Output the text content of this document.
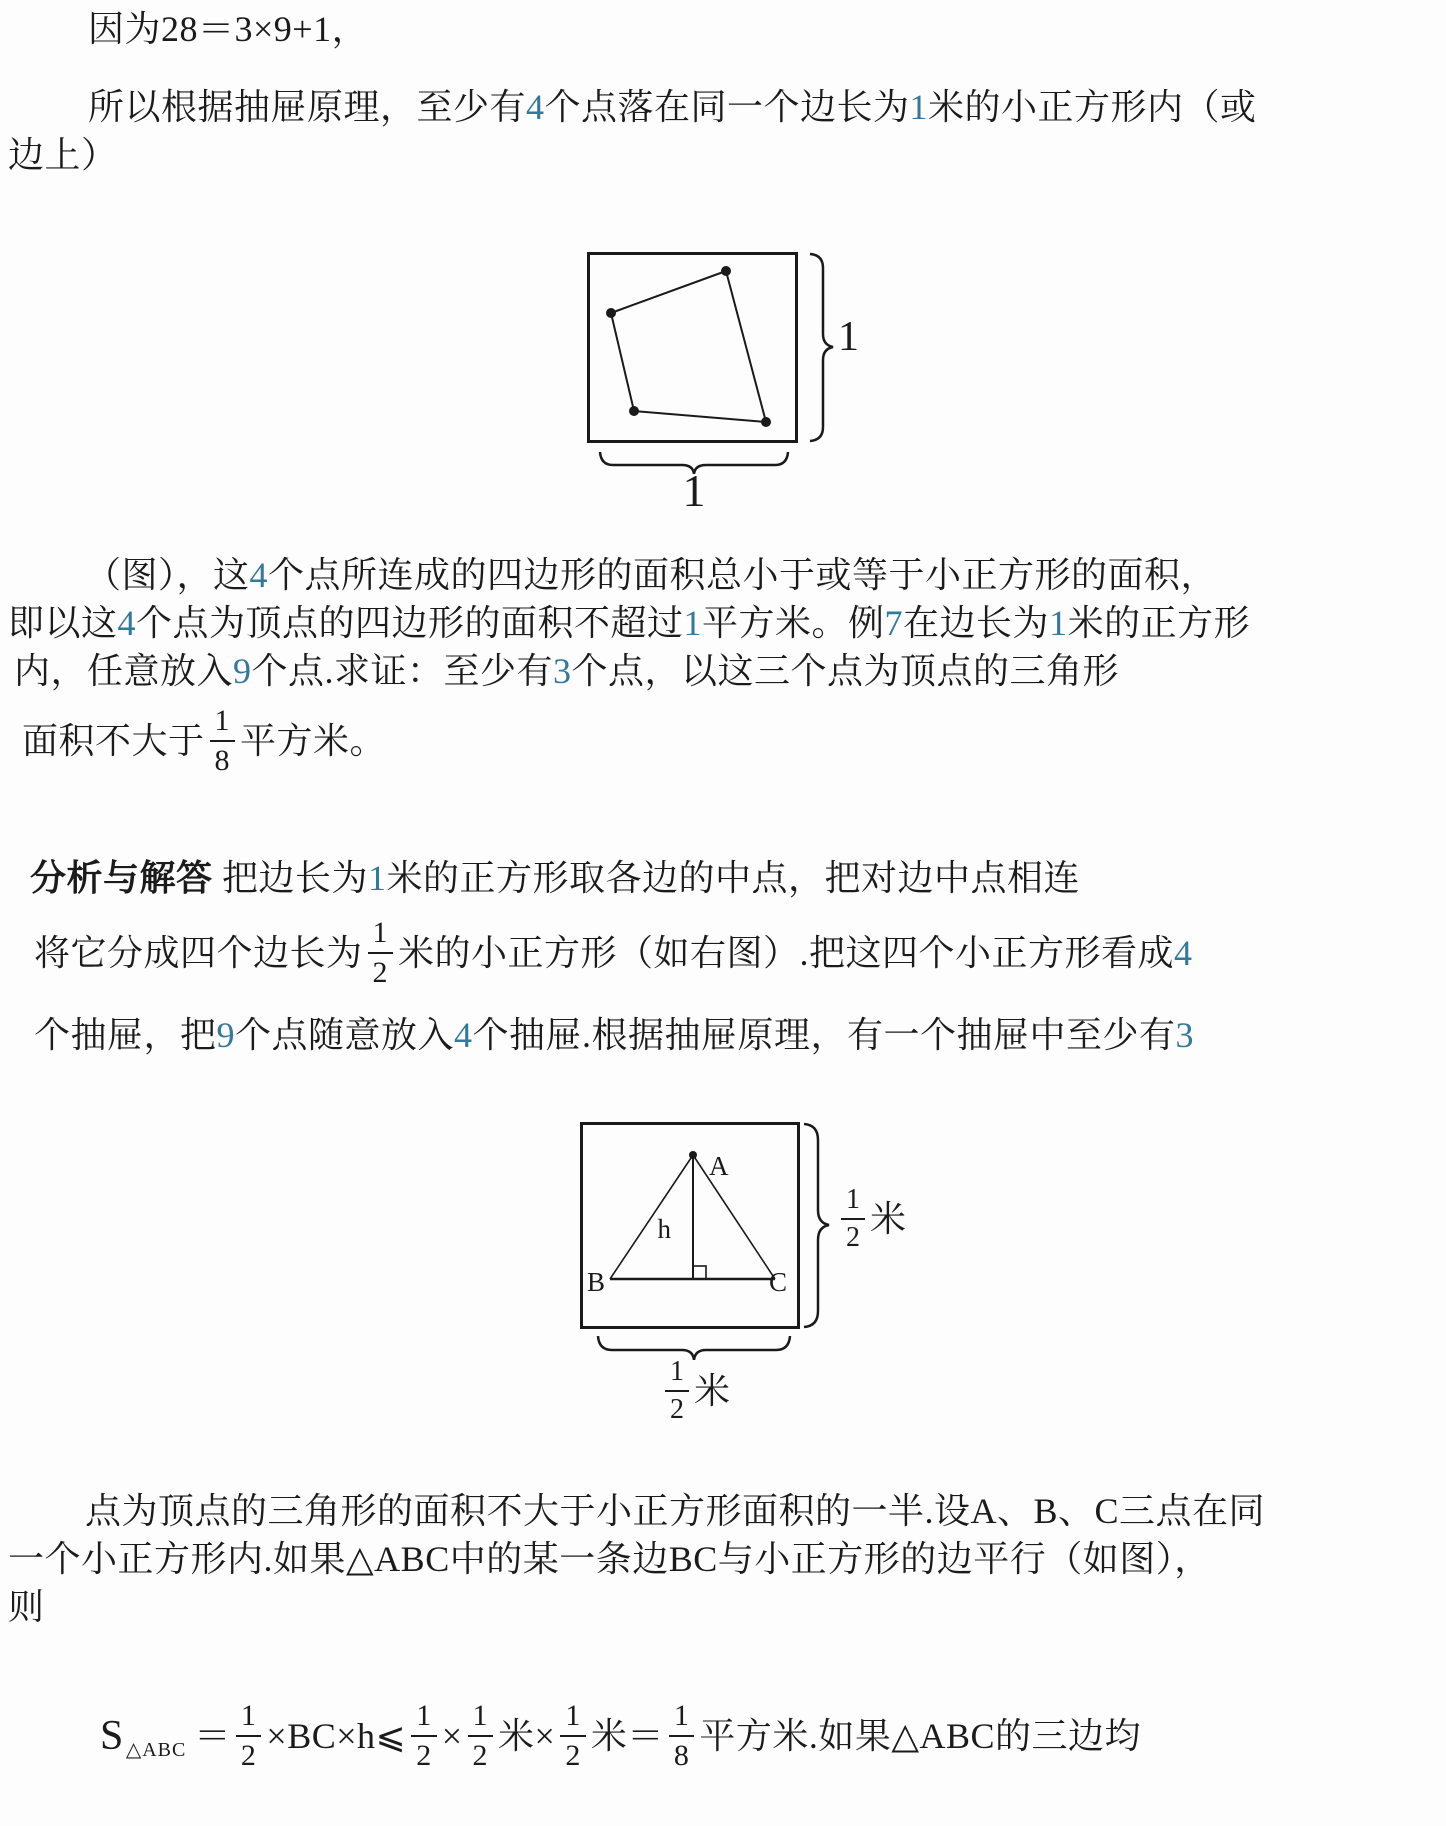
因为28＝3×9+1，
所以根据抽屉原理，至少有4个点落在同一个边长为1米的小正方形内（或
边上）
（图），这4个点所连成的四边形的面积总小于或等于小正方形的面积，
即以这4个点为顶点的四边形的面积不超过1平方米。例7在边长为1米的正方形
内，任意放入9个点.求证：至少有3个点，以这三个点为顶点的三角形
面积不大于 $\frac{1}{8}$ 平方米。
分析与解答 把边长为1米的正方形取各边的中点，把对边中点相连
将它分成四个边长为 $\frac{1}{2}$ 米的小正方形（如右图）.把这四个小正方形看成 4
个抽屉，把9个点随意放入4个抽屉.根据抽屉原理，有一个抽屉中至少有3
点为顶点的三角形的面积不大于小正方形面积的一半.设A、B、C三点在同
一个小正方形内.如果△ABC中的某一条边BC与小正方形的边平行（如图），
则
S △ABC ＝ $\frac{1}{2}$ ×BC×h⩽ $\frac{1}{2} \times \frac{1}{2}$ 米× $\frac{1}{2}$ 米＝ $\frac{1}{8}$ 平方米.如果△ABC的三边均
1
1
A
h
B	C
$\frac{1}{2}$ 米
$\frac{1}{2}$ 米
